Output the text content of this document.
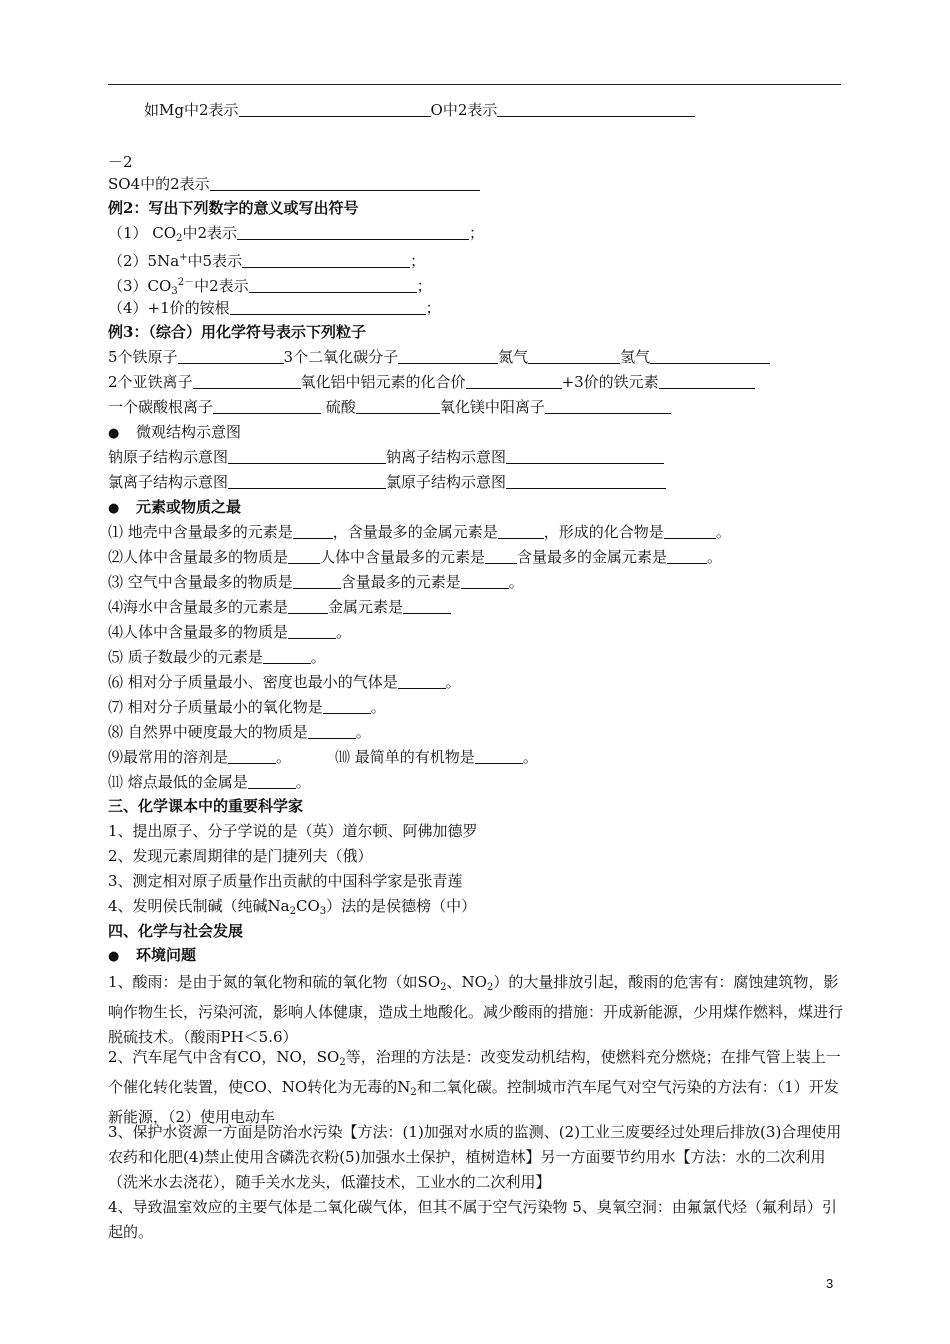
如Mg中2表示	O中2表示
－2
SO4中的2表示
例2：写出下列数字的意义或写出符号
（1） $CO_2$中2表示	；
（2）5Na+中5表示	；
$(3)CO_3^{2-}$中2表示	；
（4）+1价的铵根	；
例3：（综合）用化学符号表示下列粒子
5个铁原子	3个二氧化碳分子	氮气	氢气
2个亚铁离子	氧化铝中铝元素的化合价	+3价的铁元素
一个碳酸根离子	硫酸	氧化镁中阳离子
● 微观结构示意图
钠原子结构示意图	钠离子结构示意图
氯离子结构示意图	氯原子结构示意图
● 元素或物质之最
⑴ 地壳中含量最多的元素是	，含量最多的金属元素是	，形成的化合物是	。
⑵人体中含量最多的物质是 人体中含量最多的元素是 含量最多的金属元素是	。
⑶ 空气中含量最多的物质是	含量最多的元素是	。
⑷海水中含量最多的元素是	金属元素是
⑷人体中含量最多的物质是	。
⑸ 质子数最少的元素是	。
⑹ 相对分子质量最小、密度也最小的气体是	。
⑺ 相对分子质量最小的氧化物是	。
⑻ 自然界中硬度最大的物质是	。
⑼最常用的溶剂是	。	⑽ 最简单的有机物是	。
⑾ 熔点最低的金属是	。
三、化学课本中的重要科学家
1、提出原子、分子学说的是（英）道尔顿、阿佛加德罗
2、发现元素周期律的是门捷列夫（俄）
3、测定相对原子质量作出贡献的中国科学家是张青莲
4、发明侯氏制碱（纯碱$Na_2CO_3$）法的是侯德榜（中）
四、化学与社会发展
● 环境问题
1、酸雨：是由于氮的氧化物和硫的氧化物（如$SO_2$、$NO_2$）的大量排放引起，酸雨的危害有：腐蚀建筑物，影响作物生长，污染河流，影响人体健康，造成土地酸化。减少酸雨的措施：开成新能源，少用煤作燃料，煤进行脱硫技术。（酸雨PH＜5.6）
2、汽车尾气中含有CO，NO，$SO_2$等，治理的方法是：改变发动机结构，使燃料充分燃烧；在排气管上装上一个催化转化装置，使CO、NO转化为无毒的$N_2$和二氧化碳。控制城市汽车尾气对空气污染的方法有：（1）开发新能源，（2）使用电动车
3、保护水资源一方面是防治水污染【方法：(1)加强对水质的监测、(2)工业三废要经过处理后排放(3)合理使用农药和化肥(4)禁止使用含磷洗衣粉(5)加强水土保护，植树造林】另一方面要节约用水【方法：水的二次利用（洗米水去浇花），随手关水龙头，低灌技术，工业水的二次利用】
4、导致温室效应的主要气体是二氧化碳气体，但其不属于空气污染物 5、臭氧空洞：由氟氯代烃（氟利昂）引起的。
3
